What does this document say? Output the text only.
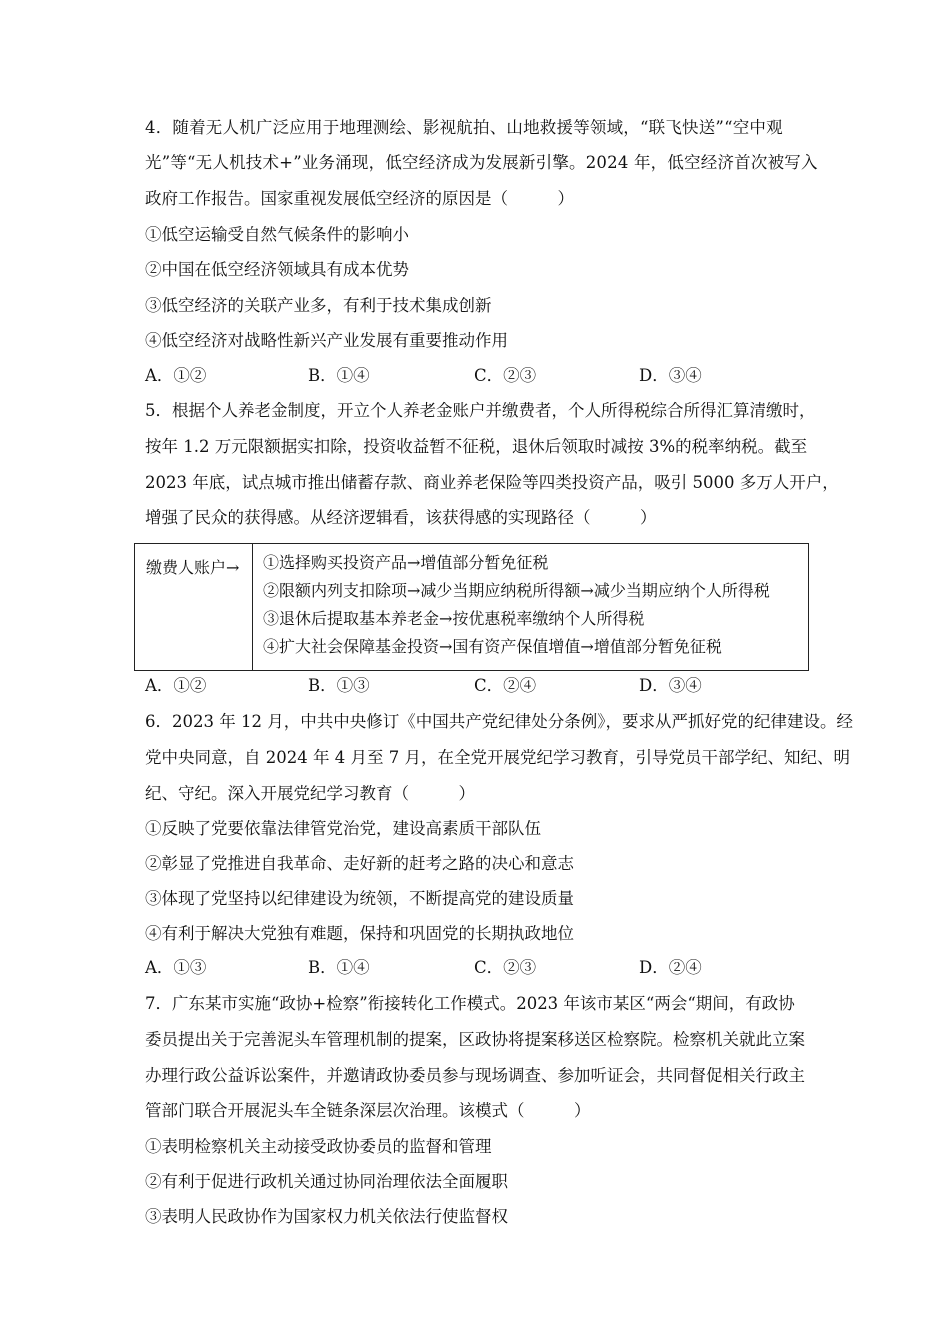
4．随着无人机广泛应用于地理测绘、影视航拍、山地救援等领域，“联飞快送”“空中观
光”等“无人机技术+”业务涌现，低空经济成为发展新引擎。2024 年，低空经济首次被写入
政府工作报告。国家重视发展低空经济的原因是（　　　）
①低空运输受自然气候条件的影响小
②中国在低空经济领域具有成本优势
③低空经济的关联产业多，有利于技术集成创新
④低空经济对战略性新兴产业发展有重要推动作用
A．①②	B．①④	C．②③	D．③④
5．根据个人养老金制度，开立个人养老金账户并缴费者，个人所得税综合所得汇算清缴时，
按年 1.2 万元限额据实扣除，投资收益暂不征税，退休后领取时减按 3%的税率纳税。截至
2023 年底，试点城市推出储蓄存款、商业养老保险等四类投资产品，吸引 5000 多万人开户，
增强了民众的获得感。从经济逻辑看，该获得感的实现路径（　　　）
缴费人账户→ ①选择购买投资产品→增值部分暂免征税
②限额内列支扣除项→减少当期应纳税所得额→减少当期应纳个人所得税
③退休后提取基本养老金→按优惠税率缴纳个人所得税
④扩大社会保障基金投资→国有资产保值增值→增值部分暂免征税
A．①②	B．①③	C．②④	D．③④
6．2023 年 12 月，中共中央修订《中国共产党纪律处分条例》，要求从严抓好党的纪律建设。经
党中央同意，自 2024 年 4 月至 7 月，在全党开展党纪学习教育，引导党员干部学纪、知纪、明
纪、守纪。深入开展党纪学习教育（　　　）
①反映了党要依靠法律管党治党，建设高素质干部队伍
②彰显了党推进自我革命、走好新的赶考之路的决心和意志
③体现了党坚持以纪律建设为统领，不断提高党的建设质量
④有利于解决大党独有难题，保持和巩固党的长期执政地位
A．①③	B．①④	C．②③	D．②④
7．广东某市实施“政协+检察”衔接转化工作模式。2023 年该市某区“两会“期间，有政协
委员提出关于完善泥头车管理机制的提案，区政协将提案移送区检察院。检察机关就此立案
办理行政公益诉讼案件，并邀请政协委员参与现场调查、参加听证会，共同督促相关行政主
管部门联合开展泥头车全链条深层次治理。该模式（　　　）
①表明检察机关主动接受政协委员的监督和管理
②有利于促进行政机关通过协同治理依法全面履职
③表明人民政协作为国家权力机关依法行使监督权
